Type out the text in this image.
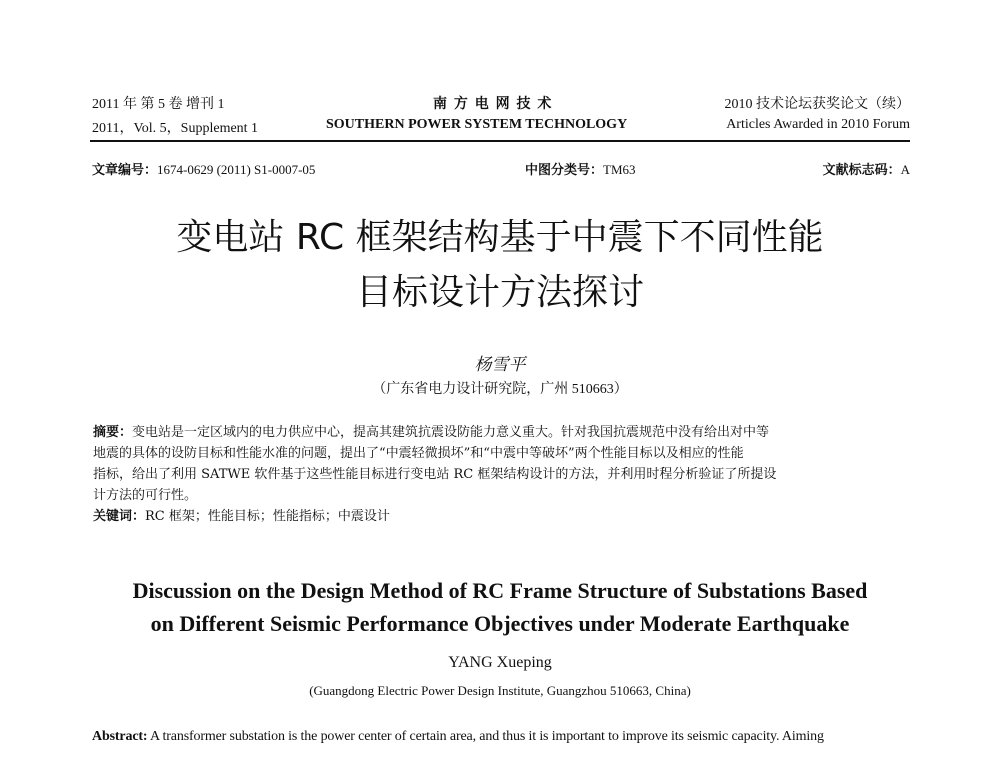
2011 年 第 5 卷 增刊 1
2011，Vol. 5，Supplement 1
南 方 电 网 技 术
SOUTHERN POWER SYSTEM TECHNOLOGY
2010 技术论坛获奖论文（续）
Articles Awarded in 2010 Forum
文章编号：1674-0629 (2011) S1-0007-05	中图分类号：TM63	文献标志码：A
变电站 RC 框架结构基于中震下不同性能
目标设计方法探讨
杨雪平
（广东省电力设计研究院，广州 510663）

摘要：变电站是一定区域内的电力供应中心，提高其建筑抗震设防能力意义重大。针对我国抗震规范中没有给出对中等

地震的具体的设防目标和性能水准的问题，提出了“中震轻微损坏”和“中震中等破坏”两个性能目标以及相应的性能

指标，给出了利用 SATWE 软件基于这些性能目标进行变电站 RC 框架结构设计的方法，并利用时程分析验证了所提设

计方法的可行性。

关键词：RC 框架；性能目标；性能指标；中震设计

Discussion on the Design Method of RC Frame Structure of Substations Based
on Different Seismic Performance Objectives under Moderate Earthquake
YANG Xueping
(Guangdong Electric Power Design Institute, Guangzhou 510663, China)
Abstract: A transformer substation is the power center of certain area, and thus it is important to improve its seismic capacity. Aiming
